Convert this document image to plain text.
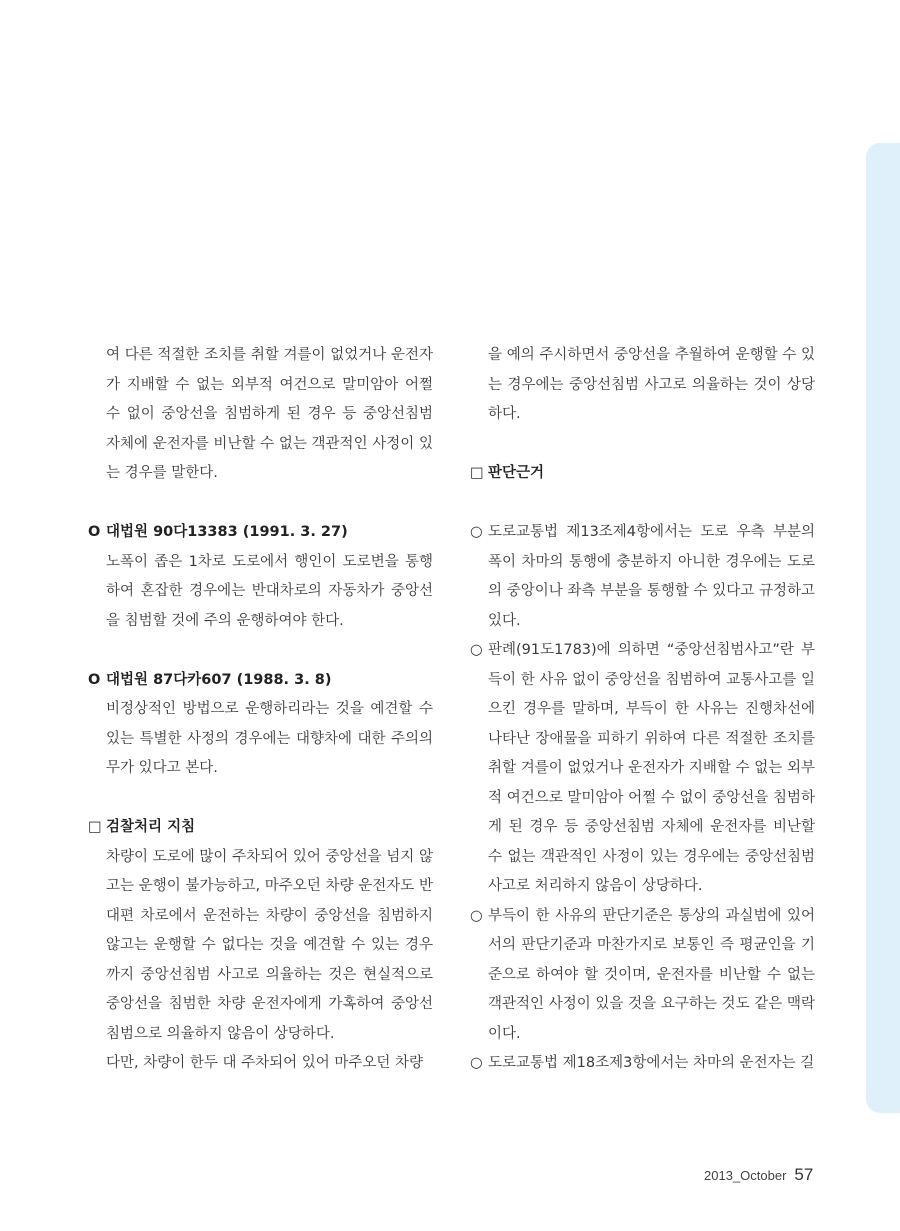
여 다른 적절한 조치를 취할 겨를이 없었거나 운전자가 지배할 수 없는 외부적 여건으로 말미암아 어쩔 수 없이 중앙선을 침범하게 된 경우 등 중앙선침범 자체에 운전자를 비난할 수 없는 객관적인 사정이 있는 경우를 말한다.

O 대법원 90다13383 (1991. 3. 27)

노폭이 좁은 1차로 도로에서 행인이 도로변을 통행하여 혼잡한 경우에는 반대차로의 자동차가 중앙선을 침범할 것에 주의 운행하여야 한다.

O 대법원 87다카607 (1988. 3. 8)

비정상적인 방법으로 운행하리라는 것을 예견할 수 있는 특별한 사정의 경우에는 대향차에 대한 주의의무가 있다고 본다.

□ 검찰처리 지침

차량이 도로에 많이 주차되어 있어 중앙선을 넘지 않고는 운행이 불가능하고, 마주오던 차량 운전자도 반대편 차로에서 운전하는 차량이 중앙선을 침범하지 않고는 운행할 수 없다는 것을 예견할 수 있는 경우까지 중앙선침범 사고로 의율하는 것은 현실적으로 중앙선을 침범한 차량 운전자에게 가혹하여 중앙선 침범으로 의율하지 않음이 상당하다.

다만, 차량이 한두 대 주차되어 있어 마주오던 차량

을 예의 주시하면서 중앙선을 추월하여 운행할 수 있는 경우에는 중앙선침범 사고로 의율하는 것이 상당하다.

□ 판단근거
○ 도로교통법 제13조제4항에서는 도로 우측 부분의 폭이 차마의 통행에 충분하지 아니한 경우에는 도로의 중앙이나 좌측 부분을 통행할 수 있다고 규정하고 있다.
○ 판례(91도1783)에 의하면 “중앙선침범사고”란 부득이 한 사유 없이 중앙선을 침범하여 교통사고를 일으킨 경우를 말하며, 부득이 한 사유는 진행차선에 나타난 장애물을 피하기 위하여 다른 적절한 조치를 취할 겨를이 없었거나 운전자가 지배할 수 없는 외부적 여건으로 말미암아 어쩔 수 없이 중앙선을 침범하게 된 경우 등 중앙선침범 자체에 운전자를 비난할 수 없는 객관적인 사정이 있는 경우에는 중앙선침범 사고로 처리하지 않음이 상당하다.
○ 부득이 한 사유의 판단기준은 통상의 과실범에 있어서의 판단기준과 마찬가지로 보통인 즉 평균인을 기준으로 하여야 할 것이며, 운전자를 비난할 수 없는 객관적인 사정이 있을 것을 요구하는 것도 같은 맥락이다.
○ 도로교통법 제18조제3항에서는 차마의 운전자는 길
2013_October 57
